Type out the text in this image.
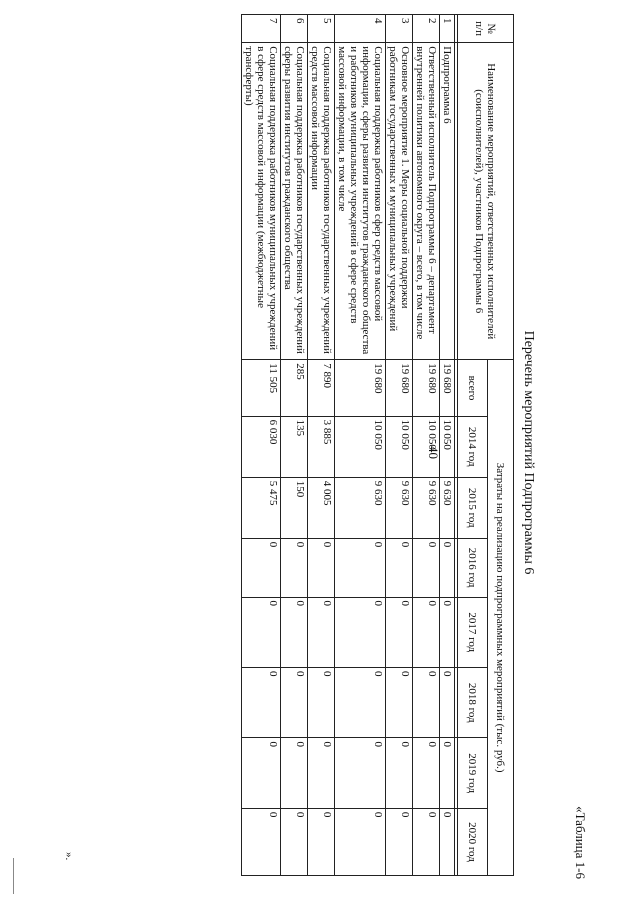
40
«Таблица 1-6
Перечень мероприятий Подпрограммы 6
№ п/п	Наименование мероприятий, ответственных исполнителей (соисполнителей), участников Подпрограммы 6	Затраты на реализацию подпрограммных мероприятий (тыс. руб.)							
		всего	2014 год	2015 год	2016 год	2017 год	2018 год	2019 год	2020 год

1	Подпрограмма 6	19 680	10 050	9 630	0	0	0	0	0
2	Ответственный исполнитель Подпрограммы 6 – департамент внутренней политики автономного округа – всего, в том числе	19 680	10 050	9 630	0	0	0	0	0
3	Основное мероприятие 1. Меры социальной поддержки работникам государственных и муниципальных учреждений	19 680	10 050	9 630	0	0	0	0	0
4	Социальная поддержка работников сфер средств массовой информации, сферы развития институтов гражданского общества и работников муниципальных учреждений в сфере средств массовой информации, в том числе	19 680	10 050	9 630	0	0	0	0	0
5	Социальная поддержка работников государственных учреждений средств массовой информации	7 890	3 885	4 005	0	0	0	0	0
6	Социальная поддержка работников государственных учреждений сферы развития институтов гражданского общества	285	135	150	0	0	0	0	0
7	Социальная поддержка работников муниципальных учреждений в сфере средств массовой информации (межбюджетные трансферты)	11 505	6 030	5 475	0	0	0	0	0
».
